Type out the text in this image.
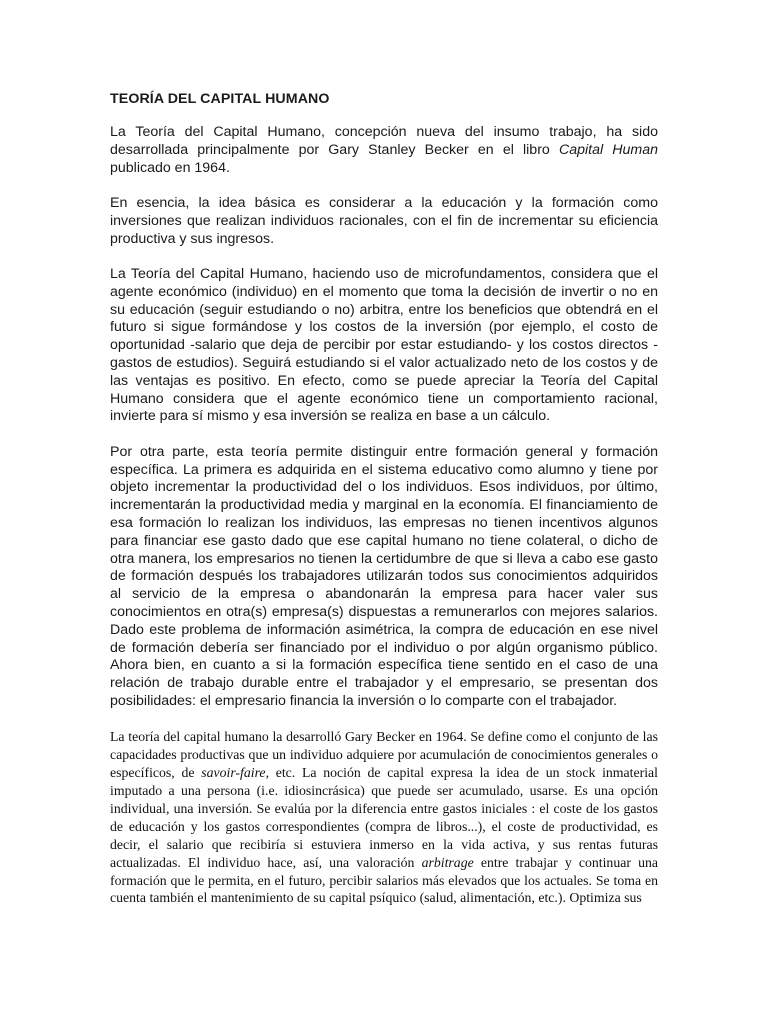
TEORÍA DEL CAPITAL HUMANO

La Teoría del Capital Humano, concepción nueva del insumo trabajo, ha sido desarrollada principalmente por Gary Stanley Becker en el libro Capital Human publicado en 1964.

En esencia, la idea básica es considerar a la educación y la formación como inversiones que realizan individuos racionales, con el fin de incrementar su eficiencia productiva y sus ingresos.

La Teoría del Capital Humano, haciendo uso de microfundamentos, considera que el agente económico (individuo) en el momento que toma la decisión de invertir o no en su educación (seguir estudiando o no) arbitra, entre los beneficios que obtendrá en el futuro si sigue formándose y los costos de la inversión (por ejemplo, el costo de oportunidad -salario que deja de percibir por estar estudiando- y los costos directos -gastos de estudios). Seguirá estudiando si el valor actualizado neto de los costos y de las ventajas es positivo. En efecto, como se puede apreciar la Teoría del Capital Humano considera que el agente económico tiene un comportamiento racional, invierte para sí mismo y esa inversión se realiza en base a un cálculo.

Por otra parte, esta teoría permite distinguir entre formación general y formación específica. La primera es adquirida en el sistema educativo como alumno y tiene por objeto incrementar la productividad del o los individuos. Esos individuos, por último, incrementarán la productividad media y marginal en la economía. El financiamiento de esa formación lo realizan los individuos, las empresas no tienen incentivos algunos para financiar ese gasto dado que ese capital humano no tiene colateral, o dicho de otra manera, los empresarios no tienen la certidumbre de que si lleva a cabo ese gasto de formación después los trabajadores utilizarán todos sus conocimientos adquiridos al servicio de la empresa o abandonarán la empresa para hacer valer sus conocimientos en otra(s) empresa(s) dispuestas a remunerarlos con mejores salarios. Dado este problema de información asimétrica, la compra de educación en ese nivel de formación debería ser financiado por el individuo o por algún organismo público. Ahora bien, en cuanto a si la formación específica tiene sentido en el caso de una relación de trabajo durable entre el trabajador y el empresario, se presentan dos posibilidades: el empresario financia la inversión o lo comparte con el trabajador.

La teoría del capital humano la desarrolló Gary Becker en 1964. Se define como el conjunto de las capacidades productivas que un individuo adquiere por acumulación de conocimientos generales o específicos, de savoir-faire, etc. La noción de capital expresa la idea de un stock inmaterial imputado a una persona (i.e. idiosincrásica) que puede ser acumulado, usarse. Es una opción individual, una inversión. Se evalúa por la diferencia entre gastos iniciales : el coste de los gastos de educación y los gastos correspondientes (compra de libros...), el coste de productividad, es decir, el salario que recibiría si estuviera inmerso en la vida activa, y sus rentas futuras actualizadas. El individuo hace, así, una valoración arbitrage entre trabajar y continuar una formación que le permita, en el futuro, percibir salarios más elevados que los actuales. Se toma en cuenta también el mantenimiento de su capital psíquico (salud, alimentación, etc.). Optimiza sus
